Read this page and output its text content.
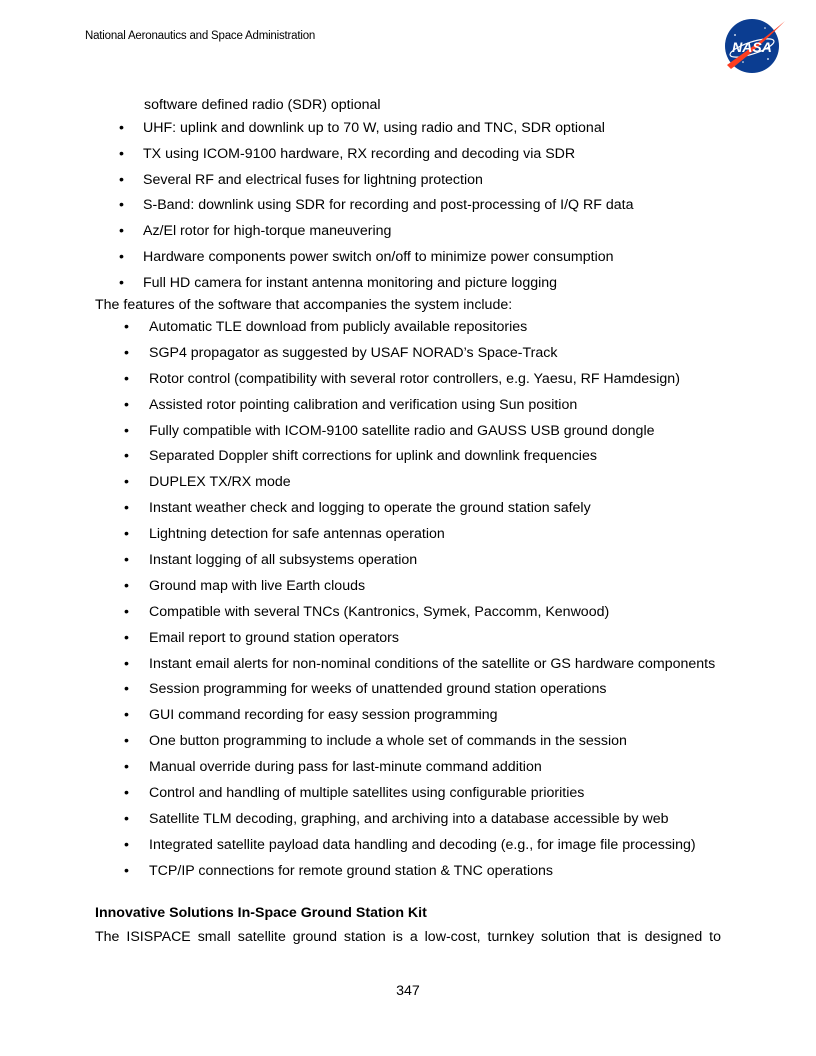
National Aeronautics and Space Administration
NASA
software defined radio (SDR) optional
• UHF: uplink and downlink up to 70 W, using radio and TNC, SDR optional
• TX using ICOM-9100 hardware, RX recording and decoding via SDR
• Several RF and electrical fuses for lightning protection
• S-Band: downlink using SDR for recording and post-processing of I/Q RF data
• Az/El rotor for high-torque maneuvering
• Hardware components power switch on/off to minimize power consumption
• Full HD camera for instant antenna monitoring and picture logging
The features of the software that accompanies the system include:
• Automatic TLE download from publicly available repositories
• SGP4 propagator as suggested by USAF NORAD’s Space-Track
• Rotor control (compatibility with several rotor controllers, e.g. Yaesu, RF Hamdesign)
• Assisted rotor pointing calibration and verification using Sun position
• Fully compatible with ICOM-9100 satellite radio and GAUSS USB ground dongle
• Separated Doppler shift corrections for uplink and downlink frequencies
• DUPLEX TX/RX mode
• Instant weather check and logging to operate the ground station safely
• Lightning detection for safe antennas operation
• Instant logging of all subsystems operation
• Ground map with live Earth clouds
• Compatible with several TNCs (Kantronics, Symek, Paccomm, Kenwood)
• Email report to ground station operators
• Instant email alerts for non-nominal conditions of the satellite or GS hardware components
• Session programming for weeks of unattended ground station operations
• GUI command recording for easy session programming
• One button programming to include a whole set of commands in the session
• Manual override during pass for last-minute command addition
• Control and handling of multiple satellites using configurable priorities
• Satellite TLM decoding, graphing, and archiving into a database accessible by web
• Integrated satellite payload data handling and decoding (e.g., for image file processing)
• TCP/IP connections for remote ground station & TNC operations
Innovative Solutions In-Space Ground Station Kit
The ISISPACE small satellite ground station is a low-cost, turnkey solution that is designed to
347
